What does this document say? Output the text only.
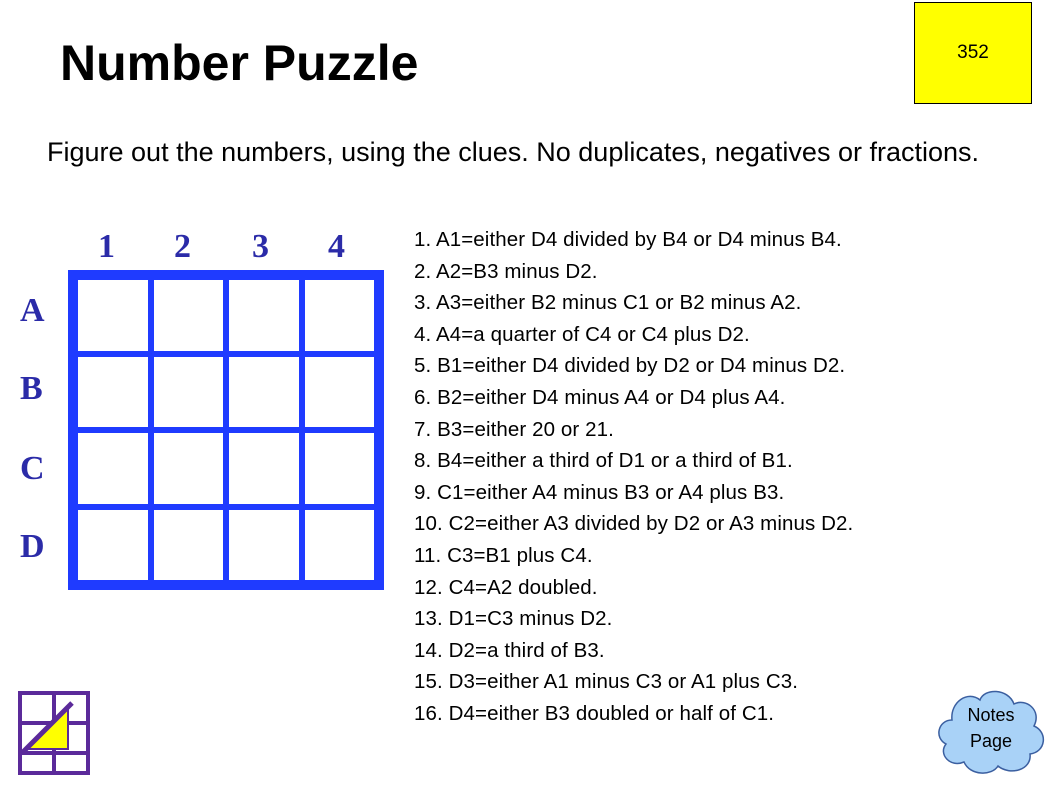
Number Puzzle	352
Figure out the numbers, using the clues. No duplicates, negatives or fractions.
1 2 3 4
A
B
C
D
1. A1=either D4 divided by B4 or D4 minus B4.
2. A2=B3 minus D2.
3. A3=either B2 minus C1 or B2 minus A2.
4. A4=a quarter of C4 or C4 plus D2.
5. B1=either D4 divided by D2 or D4 minus D2.
6. B2=either D4 minus A4 or D4 plus A4.
7. B3=either 20 or 21.
8. B4=either a third of D1 or a third of B1.
9. C1=either A4 minus B3 or A4 plus B3.
10. C2=either A3 divided by D2 or A3 minus D2.
11. C3=B1 plus C4.
12. C4=A2 doubled.
13. D1=C3 minus D2.
14. D2=a third of B3.
15. D3=either A1 minus C3 or A1 plus C3.
16. D4=either B3 doubled or half of C1.	Notes
Page
